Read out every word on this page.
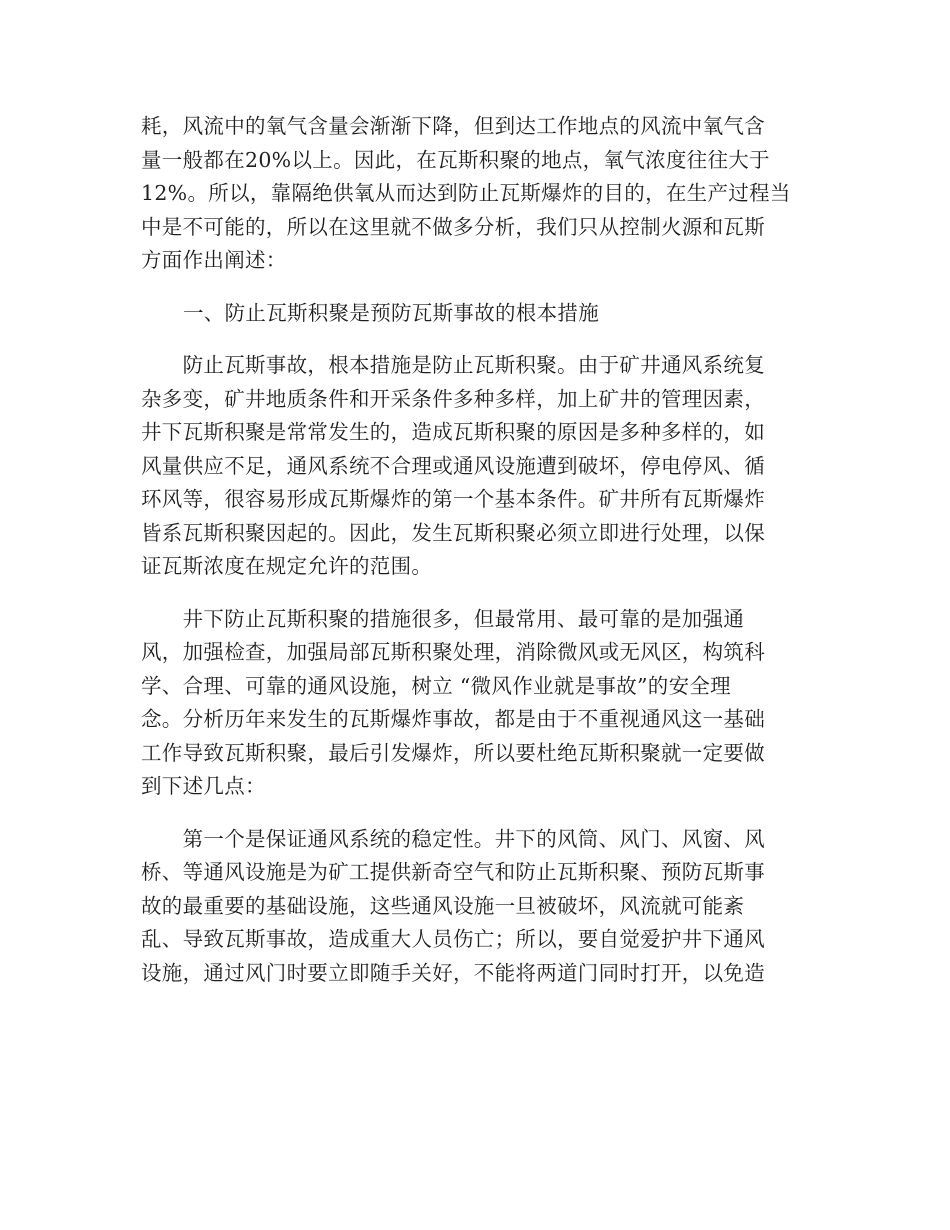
耗，风流中的氧气含量会渐渐下降，但到达工作地点的风流中氧气含
量一般都在20%以上。因此，在瓦斯积聚的地点，氧气浓度往往大于
12%。所以，靠隔绝供氧从而达到防止瓦斯爆炸的目的，在生产过程当
中是不可能的，所以在这里就不做多分析，我们只从控制火源和瓦斯
方面作出阐述：

一、防止瓦斯积聚是预防瓦斯事故的根本措施

　　防止瓦斯事故，根本措施是防止瓦斯积聚。由于矿井通风系统复
杂多变，矿井地质条件和开采条件多种多样，加上矿井的管理因素，
井下瓦斯积聚是常常发生的，造成瓦斯积聚的原因是多种多样的，如
风量供应不足，通风系统不合理或通风设施遭到破坏，停电停风、循
环风等，很容易形成瓦斯爆炸的第一个基本条件。矿井所有瓦斯爆炸
皆系瓦斯积聚因起的。因此，发生瓦斯积聚必须立即进行处理，以保
证瓦斯浓度在规定允许的范围。

　　井下防止瓦斯积聚的措施很多，但最常用、最可靠的是加强通
风，加强检查，加强局部瓦斯积聚处理，消除微风或无风区，构筑科
学、合理、可靠的通风设施，树立 “微风作业就是事故”的安全理
念。分析历年来发生的瓦斯爆炸事故，都是由于不重视通风这一基础
工作导致瓦斯积聚，最后引发爆炸，所以要杜绝瓦斯积聚就一定要做
到下述几点：

　　第一个是保证通风系统的稳定性。井下的风筒、风门、风窗、风
桥、等通风设施是为矿工提供新奇空气和防止瓦斯积聚、预防瓦斯事
故的最重要的基础设施，这些通风设施一旦被破坏，风流就可能紊
乱、导致瓦斯事故，造成重大人员伤亡；所以，要自觉爱护井下通风
设施，通过风门时要立即随手关好，不能将两道门同时打开，以免造
